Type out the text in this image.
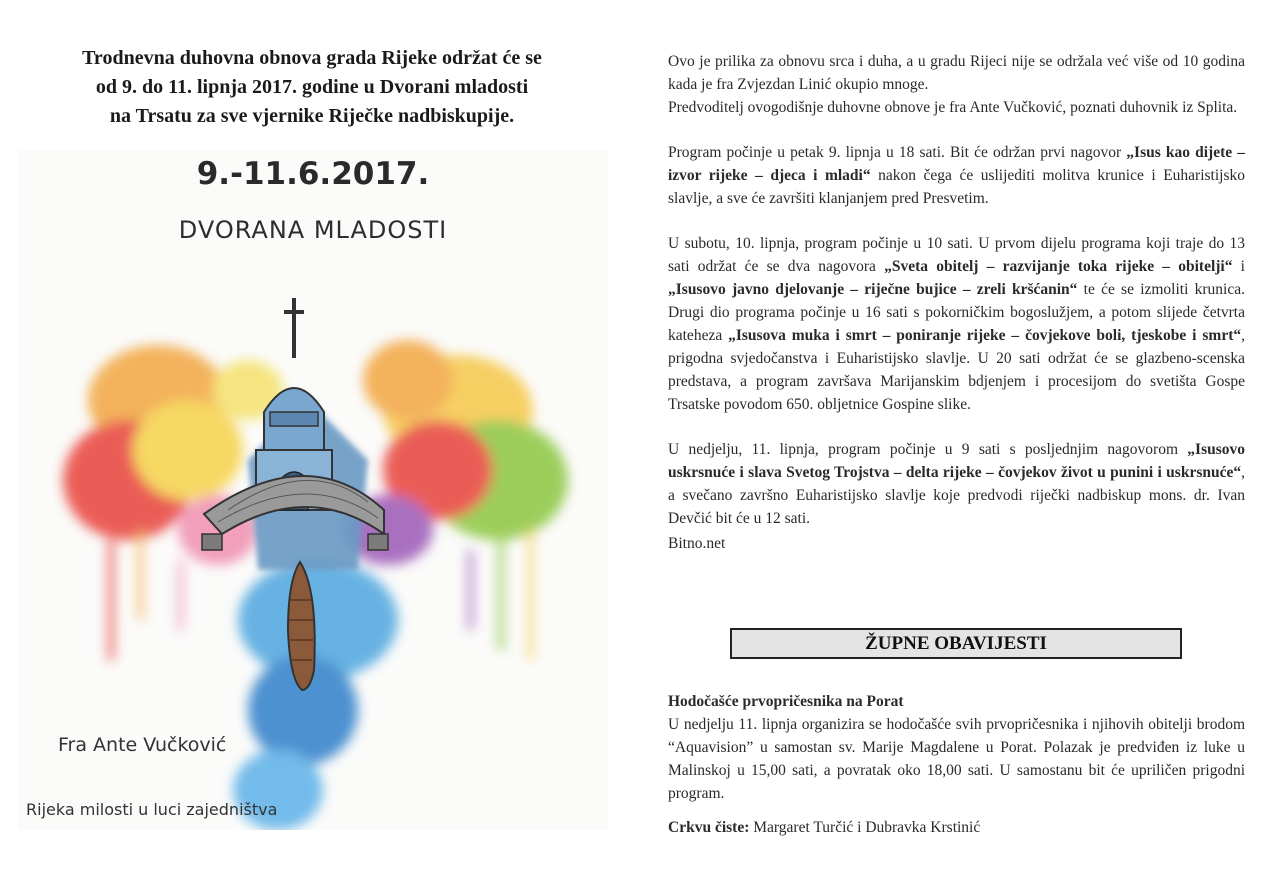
Trodnevna duhovna obnova grada Rijeke održat će se
od 9. do 11. lipnja 2017. godine u Dvorani mladosti
na Trsatu za sve vjernike Riječke nadbiskupije.
9.-11.6.2017.
DVORANA MLADOSTI
Fra Ante Vučković
Rijeka milosti u luci zajedništva

Ovo je prilika za obnovu srca i duha, a u gradu Rijeci nije se održala već više od 10 godina kada je fra Zvjezdan Linić okupio mnoge.

Predvoditelj ovogodišnje duhovne obnove je fra Ante Vučković, poznati duhovnik iz Splita.

Program počinje u petak 9. lipnja u 18 sati. Bit će održan prvi nagovor „Isus kao dijete – izvor rijeke – djeca i mladi“ nakon čega će uslijediti molitva krunice i Euharistijsko slavlje, a sve će završiti klanjanjem pred Presvetim.

U subotu, 10. lipnja, program počinje u 10 sati. U prvom dijelu programa koji traje do 13 sati održat će se dva nagovora „Sveta obitelj – razvijanje toka rijeke – obitelji“ i „Isusovo javno djelovanje – riječne bujice – zreli kršćanin“ te će se izmoliti krunica. Drugi dio programa počinje u 16 sati s pokorničkim bogoslužjem, a potom slijede četvrta kateheza „Isusova muka i smrt – poniranje rijeke – čovjekove boli, tjeskobe i smrt“, prigodna svjedočanstva i Euharistijsko slavlje. U 20 sati održat će se glazbeno-scenska predstava, a program završava Marijanskim bdjenjem i procesijom do svetišta Gospe Trsatske povodom 650. obljetnice Gospine slike.

U nedjelju, 11. lipnja, program počinje u 9 sati s posljednjim nagovorom „Isusovo uskrsnuće i slava Svetog Trojstva – delta rijeke – čovjekov život u punini i uskrsnuće“, a svečano završno Euharistijsko slavlje koje predvodi riječki nadbiskup mons. dr. Ivan Devčić bit će u 12 sati.

Bitno.net

ŽUPNE OBAVIJESTI

Hodočašće prvopričesnika na Porat

U nedjelju 11. lipnja organizira se hodočašće svih prvopričesnika i njihovih obitelji brodom “Aquavision” u samostan sv. Marije Magdalene u Porat. Polazak je predviđen iz luke u Malinskoj u 15,00 sati, a povratak oko 18,00 sati. U samostanu bit će upriličen prigodni program.

Crkvu čiste: Margaret Turčić i Dubravka Krstinić
